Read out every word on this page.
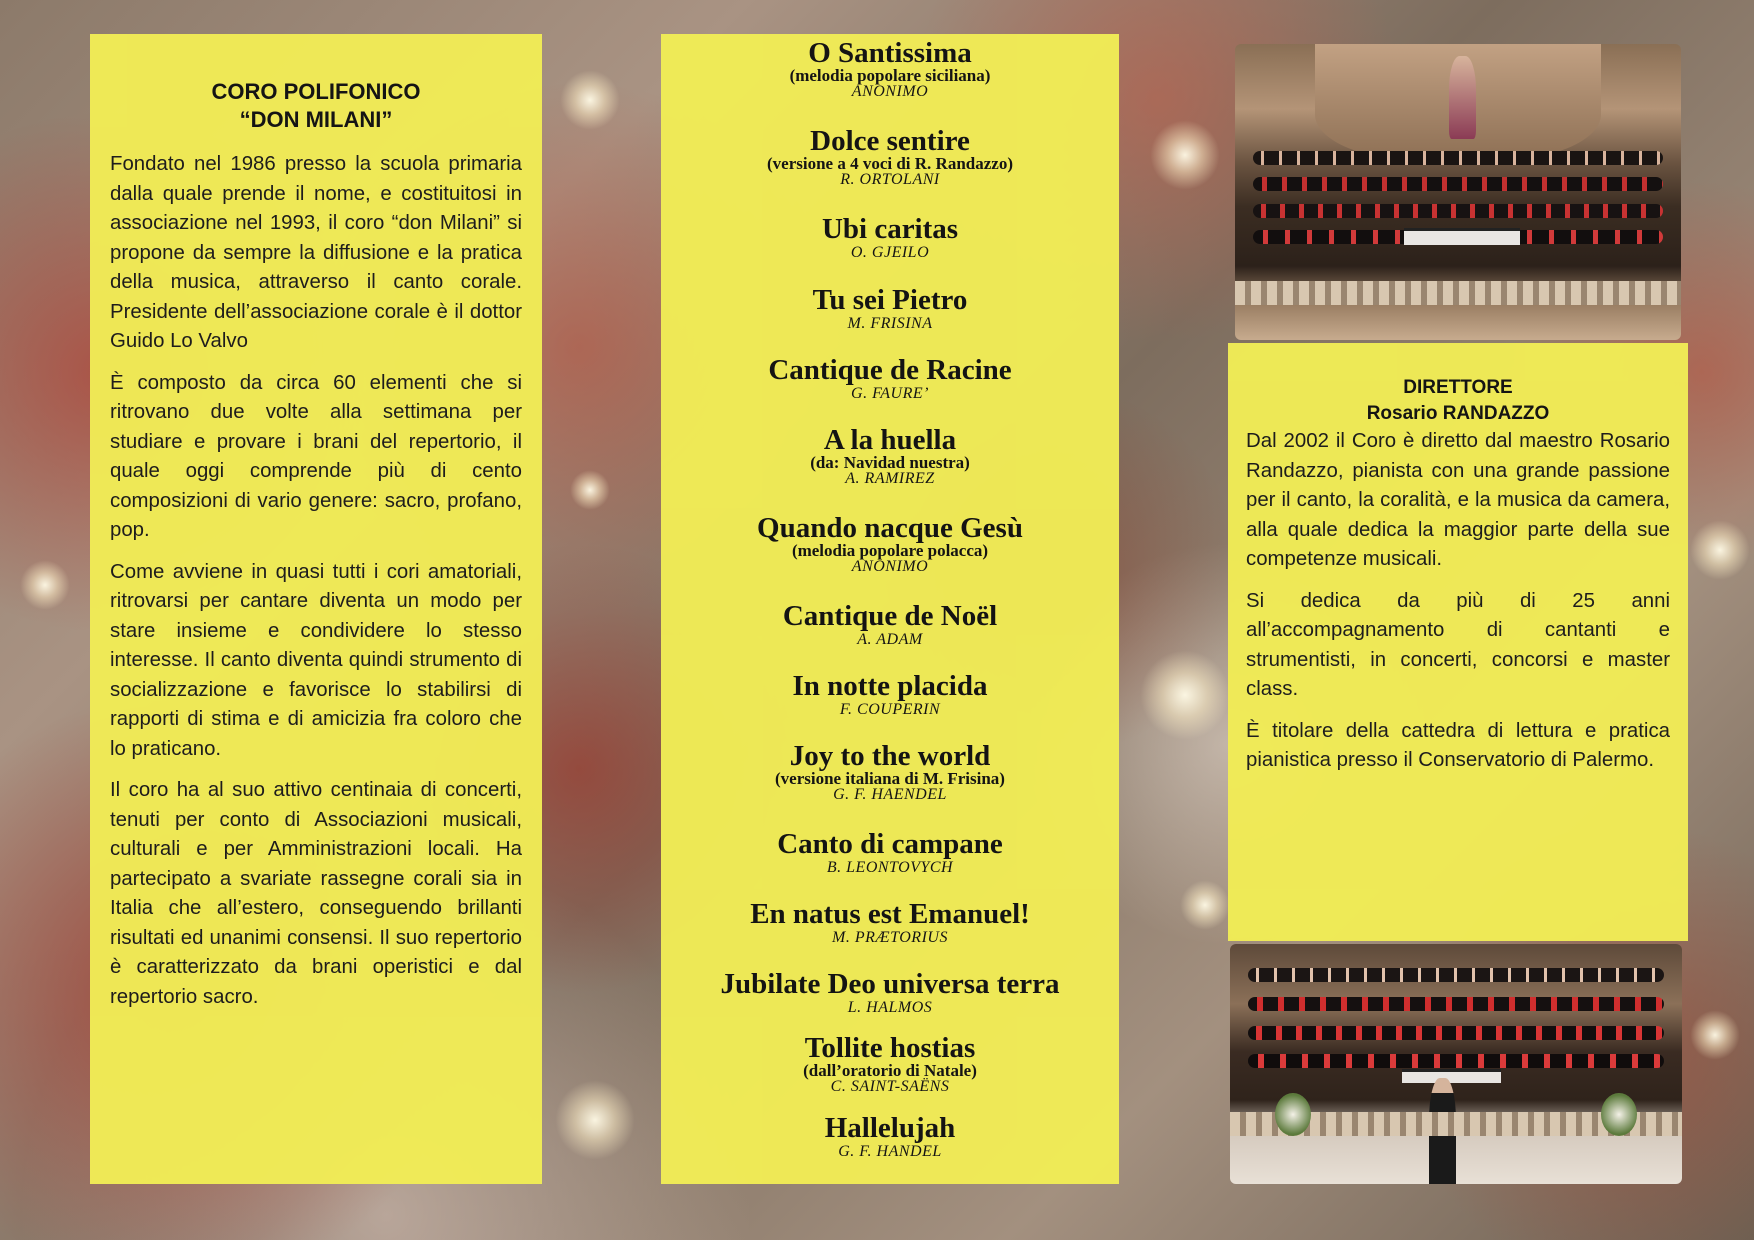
CORO POLIFONICO
“DON MILANI”

Fondato nel 1986 presso la scuola primaria dalla quale prende il nome, e costituitosi in associazione nel 1993, il coro “don Milani” si propone da sempre la diffusione e la pratica della musica, attraverso il canto corale. Presidente dell’associazione corale è il dottor Guido Lo Valvo

È composto da circa 60 elementi che si ritrovano due volte alla settimana per studiare e provare i brani del repertorio, il quale oggi comprende più di cento composizioni di vario genere: sacro, profano, pop.

Come avviene in quasi tutti i cori amatoriali, ritrovarsi per cantare diventa un modo per stare insieme e condividere lo stesso interesse. Il canto diventa quindi strumento di socializzazione e favorisce lo stabilirsi di rapporti di stima e di amicizia fra coloro che lo praticano.

Il coro ha al suo attivo centinaia di concerti, tenuti per conto di Associazioni musicali, culturali e per Amministrazioni locali. Ha partecipato a svariate rassegne corali sia in Italia che all’estero, conseguendo brillanti risultati ed unanimi consensi. Il suo repertorio è caratterizzato da brani operistici e dal repertorio sacro.

O Santissima
(melodia popolare siciliana)
ANONIMO
Dolce sentire
(versione a 4 voci di R. Randazzo)
R. ORTOLANI
Ubi caritas
O. GJEILO
Tu sei Pietro
M. FRISINA
Cantique de Racine
G. FAURE’
A la huella
(da: Navidad nuestra)
A. RAMIREZ
Quando nacque Gesù
(melodia popolare polacca)
ANONIMO
Cantique de Noël
A. ADAM
In notte placida
F. COUPERIN
Joy to the world
(versione italiana di M. Frisina)
G. F. HAENDEL
Canto di campane
B. LEONTOVYCH
En natus est Emanuel!
M. PRÆTORIUS
Jubilate Deo universa terra
L. HALMOS
Tollite hostias
(dall’oratorio di Natale)
C. SAINT-SAËNS
Hallelujah
G. F. HANDEL
DIRETTORE
Rosario RANDAZZO

Dal 2002 il Coro è diretto dal maestro Rosario Randazzo, pianista con una grande passione per il canto, la coralità, e la musica da camera, alla quale dedica la maggior parte della sue competenze musicali.

Si dedica da più di 25 anni all’accompagnamento di cantanti e strumentisti, in concerti, concorsi e master class.

È titolare della cattedra di lettura e pratica pianistica presso il Conservatorio di Palermo.
